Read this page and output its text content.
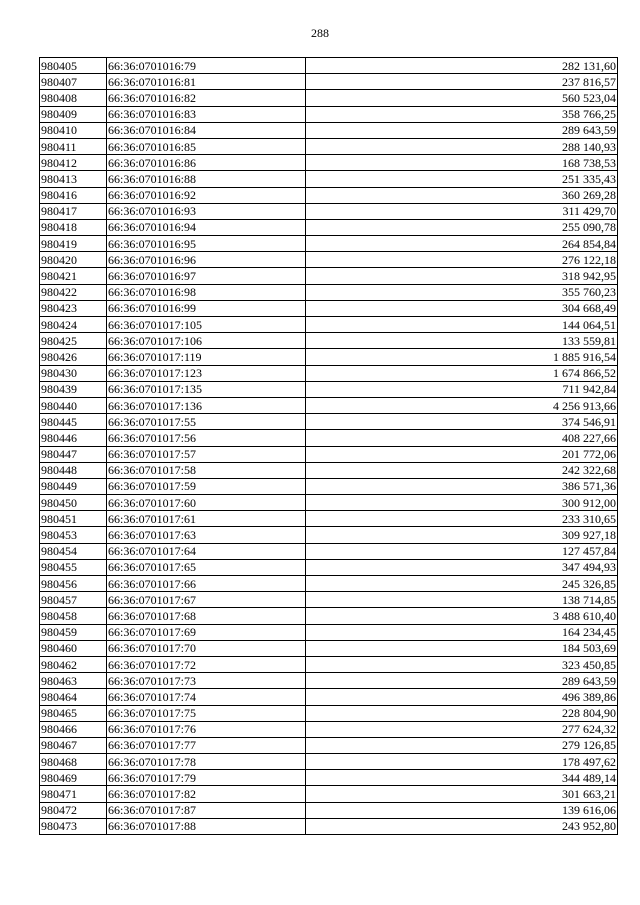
288
980405	66:36:0701016:79	282 131,60
980407	66:36:0701016:81	237 816,57
980408	66:36:0701016:82	560 523,04
980409	66:36:0701016:83	358 766,25
980410	66:36:0701016:84	289 643,59
980411	66:36:0701016:85	288 140,93
980412	66:36:0701016:86	168 738,53
980413	66:36:0701016:88	251 335,43
980416	66:36:0701016:92	360 269,28
980417	66:36:0701016:93	311 429,70
980418	66:36:0701016:94	255 090,78
980419	66:36:0701016:95	264 854,84
980420	66:36:0701016:96	276 122,18
980421	66:36:0701016:97	318 942,95
980422	66:36:0701016:98	355 760,23
980423	66:36:0701016:99	304 668,49
980424	66:36:0701017:105	144 064,51
980425	66:36:0701017:106	133 559,81
980426	66:36:0701017:119	1 885 916,54
980430	66:36:0701017:123	1 674 866,52
980439	66:36:0701017:135	711 942,84
980440	66:36:0701017:136	4 256 913,66
980445	66:36:0701017:55	374 546,91
980446	66:36:0701017:56	408 227,66
980447	66:36:0701017:57	201 772,06
980448	66:36:0701017:58	242 322,68
980449	66:36:0701017:59	386 571,36
980450	66:36:0701017:60	300 912,00
980451	66:36:0701017:61	233 310,65
980453	66:36:0701017:63	309 927,18
980454	66:36:0701017:64	127 457,84
980455	66:36:0701017:65	347 494,93
980456	66:36:0701017:66	245 326,85
980457	66:36:0701017:67	138 714,85
980458	66:36:0701017:68	3 488 610,40
980459	66:36:0701017:69	164 234,45
980460	66:36:0701017:70	184 503,69
980462	66:36:0701017:72	323 450,85
980463	66:36:0701017:73	289 643,59
980464	66:36:0701017:74	496 389,86
980465	66:36:0701017:75	228 804,90
980466	66:36:0701017:76	277 624,32
980467	66:36:0701017:77	279 126,85
980468	66:36:0701017:78	178 497,62
980469	66:36:0701017:79	344 489,14
980471	66:36:0701017:82	301 663,21
980472	66:36:0701017:87	139 616,06
980473	66:36:0701017:88	243 952,80
